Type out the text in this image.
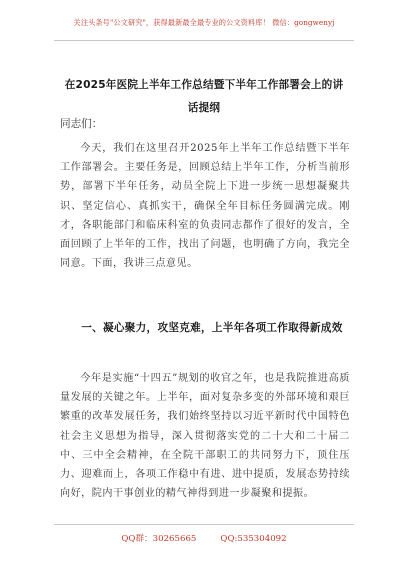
关注头条号"公文研究"，获得最新最全最专业的公文资料库！ 微信：gongwenyj
在2025年医院上半年工作总结暨下半年工作部署会上的讲话提纲
同志们：

今天，我们在这里召开2025年上半年工作总结暨下半年工作部署会。主要任务是，回顾总结上半年工作，分析当前形势，部署下半年任务，动员全院上下进一步统一思想凝聚共识、坚定信心、真抓实干，确保全年目标任务圆满完成。刚才，各职能部门和临床科室的负责同志都作了很好的发言，全面回顾了上半年的工作，找出了问题，也明确了方向，我完全同意。下面，我讲三点意见。

一、凝心聚力，攻坚克难，上半年各项工作取得新成效

今年是实施“十四五”规划的收官之年，也是我院推进高质量发展的关键之年。上半年，面对复杂多变的外部环境和艰巨繁重的改革发展任务，我们始终坚持以习近平新时代中国特色社会主义思想为指导，深入贯彻落实党的二十大和二十届二中、三中全会精神，在全院干部职工的共同努力下，顶住压力、迎难而上，各项工作稳中有进、进中提质，发展态势持续向好，院内干事创业的精气神得到进一步凝聚和提振。

QQ群：30265665	QQ:535304092
